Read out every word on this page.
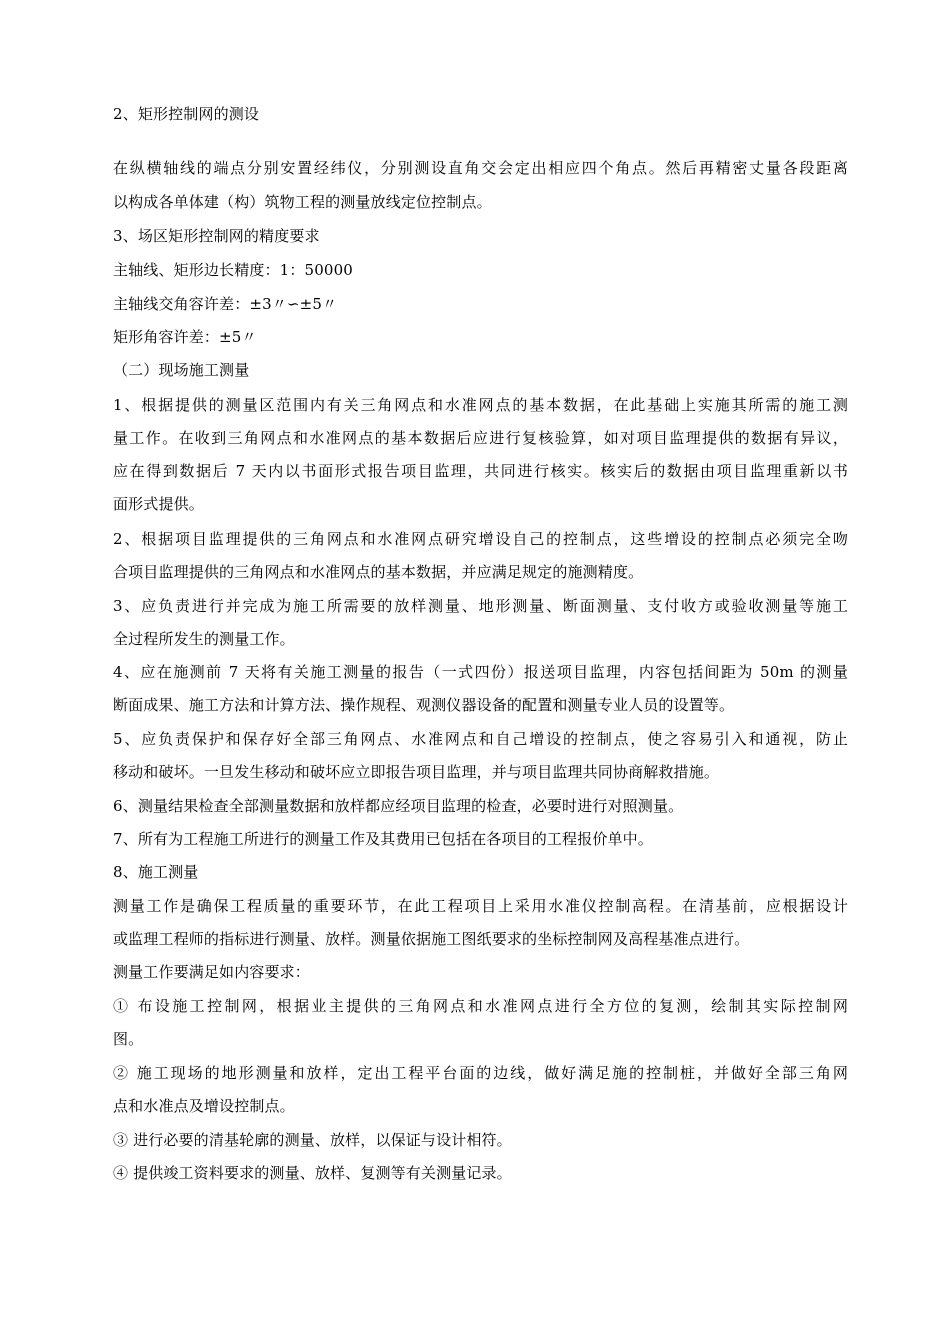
2、矩形控制网的测设
在纵横轴线的端点分别安置经纬仪，分别测设直角交会定出相应四个角点。然后再精密丈量各段距离
以构成各单体建（构）筑物工程的测量放线定位控制点。
3、场区矩形控制网的精度要求
主轴线、矩形边长精度：1：50000
主轴线交角容许差：±3〃∽±5〃
矩形角容许差：±5〃
（二）现场施工测量
1、根据提供的测量区范围内有关三角网点和水准网点的基本数据，在此基础上实施其所需的施工测
量工作。在收到三角网点和水准网点的基本数据后应进行复核验算，如对项目监理提供的数据有异议，
应在得到数据后 7 天内以书面形式报告项目监理，共同进行核实。核实后的数据由项目监理重新以书
面形式提供。
2、根据项目监理提供的三角网点和水准网点研究增设自己的控制点，这些增设的控制点必须完全吻
合项目监理提供的三角网点和水准网点的基本数据，并应满足规定的施测精度。
3、应负责进行并完成为施工所需要的放样测量、地形测量、断面测量、支付收方或验收测量等施工
全过程所发生的测量工作。
4、应在施测前 7 天将有关施工测量的报告（一式四份）报送项目监理，内容包括间距为 50m 的测量
断面成果、施工方法和计算方法、操作规程、观测仪器设备的配置和测量专业人员的设置等。
5、应负责保护和保存好全部三角网点、水准网点和自己增设的控制点，使之容易引入和通视，防止
移动和破坏。一旦发生移动和破坏应立即报告项目监理，并与项目监理共同协商解救措施。
6、测量结果检查全部测量数据和放样都应经项目监理的检查，必要时进行对照测量。
7、所有为工程施工所进行的测量工作及其费用已包括在各项目的工程报价单中。
8、施工测量
测量工作是确保工程质量的重要环节，在此工程项目上采用水准仪控制高程。在清基前，应根据设计
或监理工程师的指标进行测量、放样。测量依据施工图纸要求的坐标控制网及高程基准点进行。
测量工作要满足如内容要求：
① 布设施工控制网，根据业主提供的三角网点和水准网点进行全方位的复测，绘制其实际控制网
图。
② 施工现场的地形测量和放样，定出工程平台面的边线，做好满足施的控制桩，并做好全部三角网
点和水准点及增设控制点。
③ 进行必要的清基轮廓的测量、放样，以保证与设计相符。
④ 提供竣工资料要求的测量、放样、复测等有关测量记录。
